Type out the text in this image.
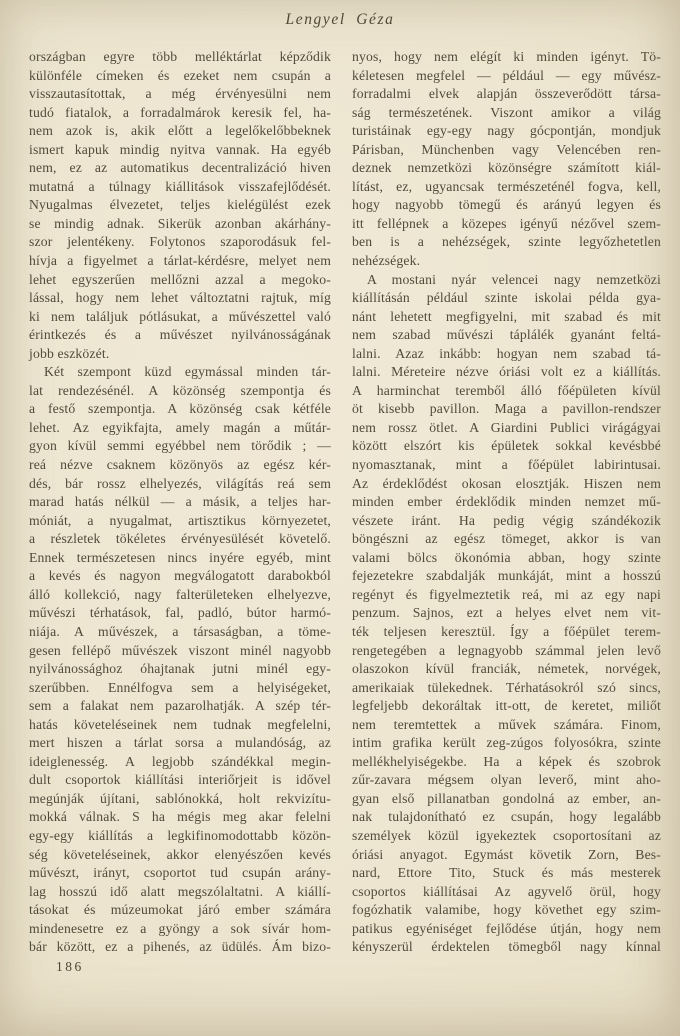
Lengyel Géza
országban egyre több melléktárlat képződik
különféle címeken és ezeket nem csupán a
visszautasítottak, a még érvényesülni nem
tudó fiatalok, a forradalmárok keresik fel, ha-
nem azok is, akik előtt a legelőkelőbbeknek
ismert kapuk mindig nyitva vannak. Ha egyéb
nem, ez az automatikus decentralizáció hiven
mutatná a túlnagy kiállitások visszafejlődését.
Nyugalmas élvezetet, teljes kielégülést ezek
se mindig adnak. Sikerük azonban akárhány-
szor jelentékeny. Folytonos szaporodásuk fel-
hívja a figyelmet a tárlat-kérdésre, melyet nem
lehet egyszerűen mellőzni azzal a megoko-
lással, hogy nem lehet változtatni rajtuk, míg
ki nem találjuk pótlásukat, a művészettel való
érintkezés és a művészet nyilvánosságának
jobb eszközét.
Két szempont küzd egymással minden tár-
lat rendezésénél. A közönség szempontja és
a festő szempontja. A közönség csak kétféle
lehet. Az egyikfajta, amely magán a műtár-
gyon kívül semmi egyébbel nem törődik ; —
reá nézve csaknem közönyös az egész kér-
dés, bár rossz elhelyezés, világítás reá sem
marad hatás nélkül — a másik, a teljes har-
móniát, a nyugalmat, artisztikus környezetet,
a részletek tökéletes érvényesülését követelő.
Ennek természetesen nincs inyére egyéb, mint
a kevés és nagyon megválogatott darabokból
álló kollekció, nagy falterületeken elhelyezve,
művészi térhatások, fal, padló, bútor harmó-
niája. A művészek, a társaságban, a töme-
gesen fellépő művészek viszont minél nagyobb
nyilvánossághoz óhajtanak jutni minél egy-
szerűbben. Ennélfogva sem a helyiségeket,
sem a falakat nem pazarolhatják. A szép tér-
hatás követeléseinek nem tudnak megfelelni,
mert hiszen a tárlat sorsa a mulandóság, az
ideiglenesség. A legjobb szándékkal megin-
dult csoportok kiállítási interiőrjeit is idővel
megúnják újítani, sablónokká, holt rekvizítu-
mokká válnak. S ha mégis meg akar felelni
egy-egy kiállítás a legkifinomodottabb közön-
ség követeléseinek, akkor elenyészően kevés
művészt, irányt, csoportot tud csupán arány-
lag hosszú idő alatt megszólaltatni. A kiállí-
tásokat és múzeumokat járó ember számára
mindenesetre ez a gyöngy a sok sívár hom-
bár között, ez a pihenés, az üdülés. Ám bizo-
nyos, hogy nem elégít ki minden igényt. Tö-
kéletesen megfelel — például — egy művész-
forradalmi elvek alapján összeverődött társa-
ság természetének. Viszont amikor a világ
turistáinak egy-egy nagy gócpontján, mondjuk
Párisban, Münchenben vagy Velencében ren-
deznek nemzetközi közönségre számított kiál-
lítást, ez, ugyancsak természeténél fogva, kell,
hogy nagyobb tömegű és arányú legyen és
itt fellépnek a közepes igényű nézővel szem-
ben is a nehézségek, szinte legyőzhetetlen
nehézségek.
A mostani nyár velencei nagy nemzetközi
kiállításán például szinte iskolai példa gya-
nánt lehetett megfigyelni, mit szabad és mit
nem szabad művészi táplálék gyanánt feltá-
lalni. Azaz inkább: hogyan nem szabad tá-
lalni. Méreteire nézve óriási volt ez a kiállítás.
A harminchat teremből álló főépületen kívül
öt kisebb pavillon. Maga a pavillon-rendszer
nem rossz ötlet. A Giardini Publici virágágyai
között elszórt kis épületek sokkal kevésbbé
nyomasztanak, mint a főépület labirintusai.
Az érdeklődést okosan elosztják. Hiszen nem
minden ember érdeklődik minden nemzet mű-
vészete iránt. Ha pedig végig szándékozik
böngészni az egész tömeget, akkor is van
valami bölcs ökonómia abban, hogy szinte
fejezetekre szabdalják munkáját, mint a hosszú
regényt és figyelmeztetik reá, mi az egy napi
penzum. Sajnos, ezt a helyes elvet nem vit-
ték teljesen keresztül. Így a főépület terem-
rengetegében a legnagyobb számmal jelen levő
olaszokon kívül franciák, németek, norvégek,
amerikaiak tülekednek. Térhatásokról szó sincs,
legfeljebb dekoráltak itt-ott, de keretet, miliőt
nem teremtettek a művek számára. Finom,
intim grafika került zeg-zúgos folyosókra, szinte
mellékhelyiségekbe. Ha a képek és szobrok
zűr-zavara mégsem olyan leverő, mint aho-
gyan első pillanatban gondolná az ember, an-
nak tulajdonítható ez csupán, hogy legalább
személyek közül igyekeztek csoportosítani az
óriási anyagot. Egymást követik Zorn, Bes-
nard, Ettore Tito, Stuck és más mesterek
csoportos kiállításai Az agyvelő örül, hogy
fogózhatik valamibe, hogy követhet egy szim-
patikus egyéniséget fejlődése útján, hogy nem
kényszerül érdektelen tömegből nagy kínnal
186
